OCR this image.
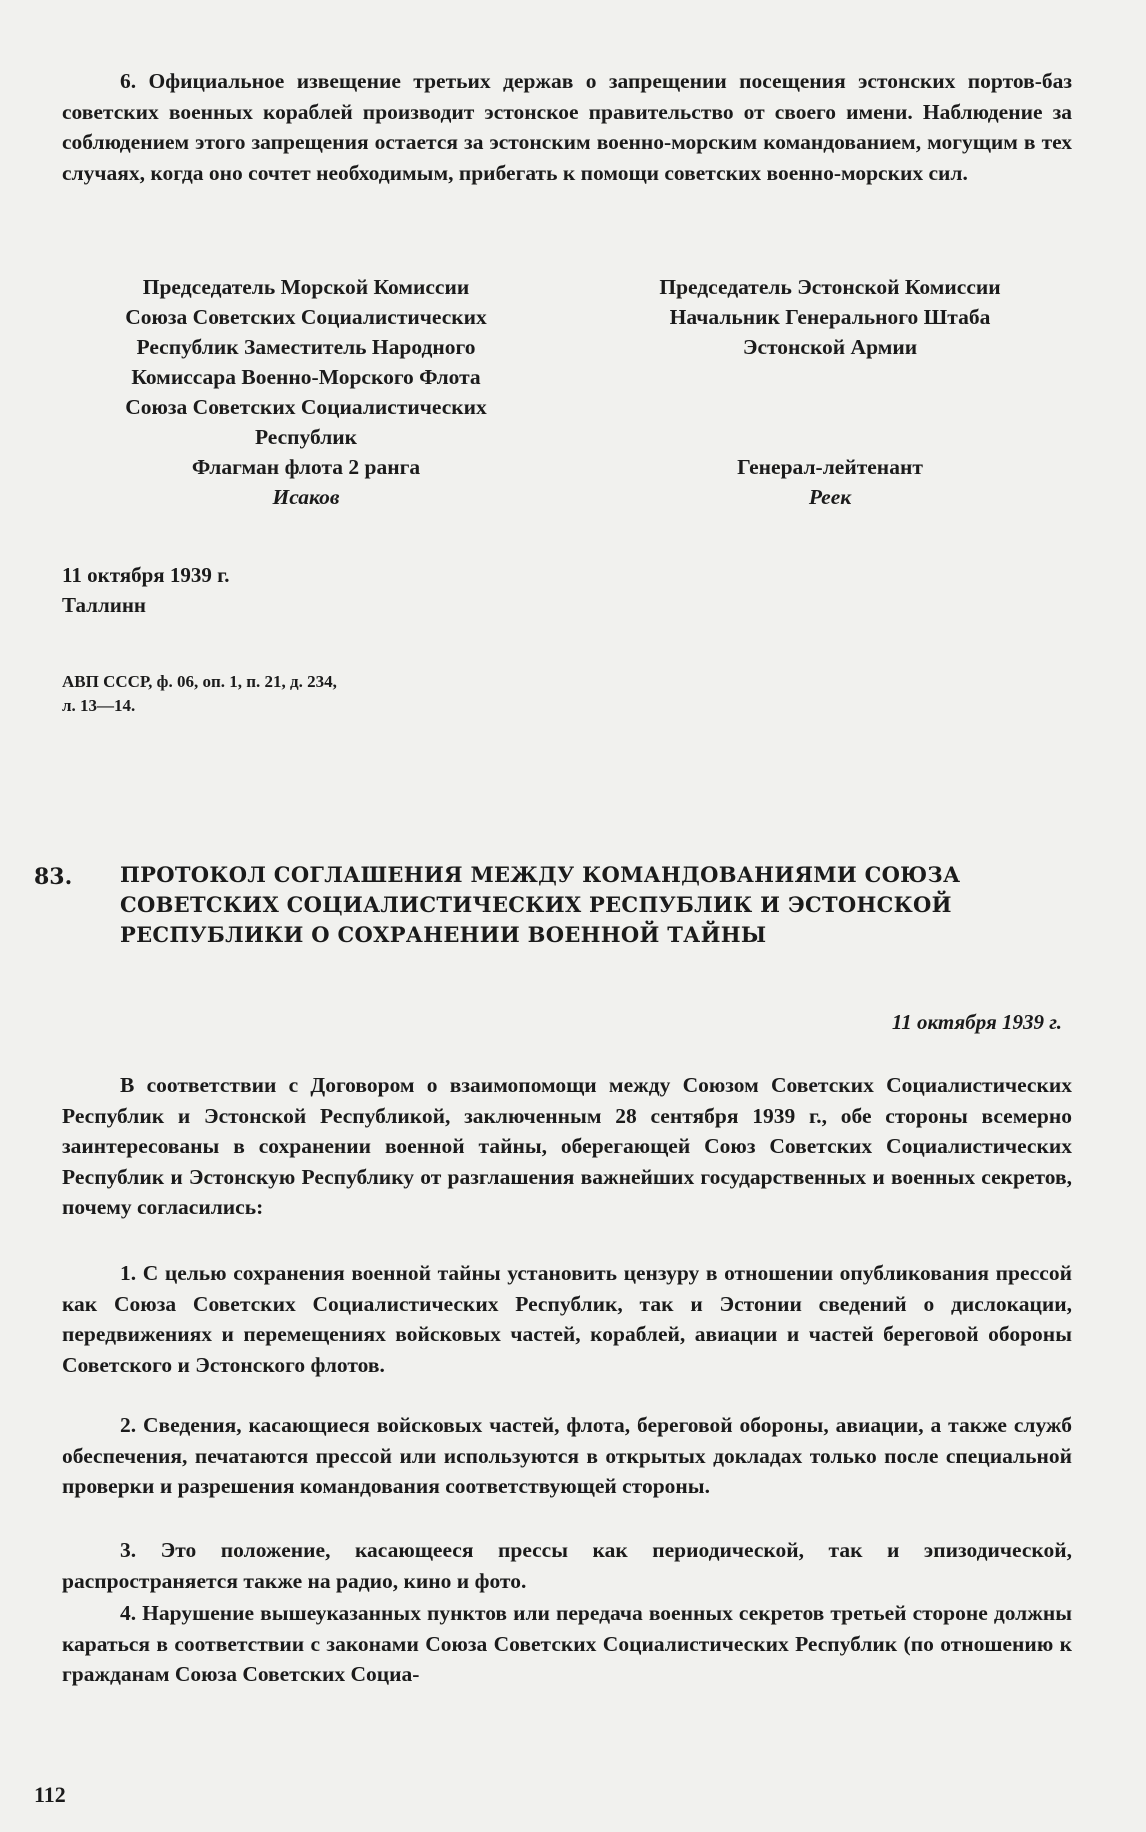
6. Официальное извещение третьих держав о запрещении посещения эстонских портов-баз советских военных кораблей производит эстонское правительство от своего имени. Наблюдение за соблюдением этого запрещения остается за эстонским военно-морским командованием, могущим в тех случаях, когда оно сочтет необходимым, прибегать к помощи советских военно-морских сил.
Председатель Морской Комиссии
Союза Советских Социалистических
Республик Заместитель Народного
Комиссара Военно-Морского Флота
Союза Советских Социалистических
Республик
Флагман флота 2 ранга
Исаков
Председатель Эстонской Комиссии
Начальник Генерального Штаба
Эстонской Армии
Генерал-лейтенант
Реек
11 октября 1939 г.
Таллинн
АВП СССР, ф. 06, оп. 1, п. 21, д. 234,
л. 13—14.
83. ПРОТОКОЛ СОГЛАШЕНИЯ МЕЖДУ КОМАНДОВАНИЯМИ СОЮЗА СОВЕТСКИХ СОЦИАЛИСТИЧЕСКИХ РЕСПУБЛИК И ЭСТОНСКОЙ РЕСПУБЛИКИ О СОХРАНЕНИИ ВОЕННОЙ ТАЙНЫ
11 октября 1939 г.
В соответствии с Договором о взаимопомощи между Союзом Советских Социалистических Республик и Эстонской Республикой, заключенным 28 сентября 1939 г., обе стороны всемерно заинтересованы в сохранении военной тайны, оберегающей Союз Советских Социалистических Республик и Эстонскую Республику от разглашения важнейших государственных и военных секретов, почему согласились:
1. С целью сохранения военной тайны установить цензуру в отношении опубликования прессой как Союза Советских Социалистических Республик, так и Эстонии сведений о дислокации, передвижениях и перемещениях войсковых частей, кораблей, авиации и частей береговой обороны Советского и Эстонского флотов.
2. Сведения, касающиеся войсковых частей, флота, береговой обороны, авиации, а также служб обеспечения, печатаются прессой или используются в открытых докладах только после специальной проверки и разрешения командования соответствующей стороны.
3. Это положение, касающееся прессы как периодической, так и эпизодической, распространяется также на радио, кино и фото.
4. Нарушение вышеуказанных пунктов или передача военных секретов третьей стороне должны караться в соответствии с законами Союза Советских Социалистических Республик (по отношению к гражданам Союза Советских Социа-
112
